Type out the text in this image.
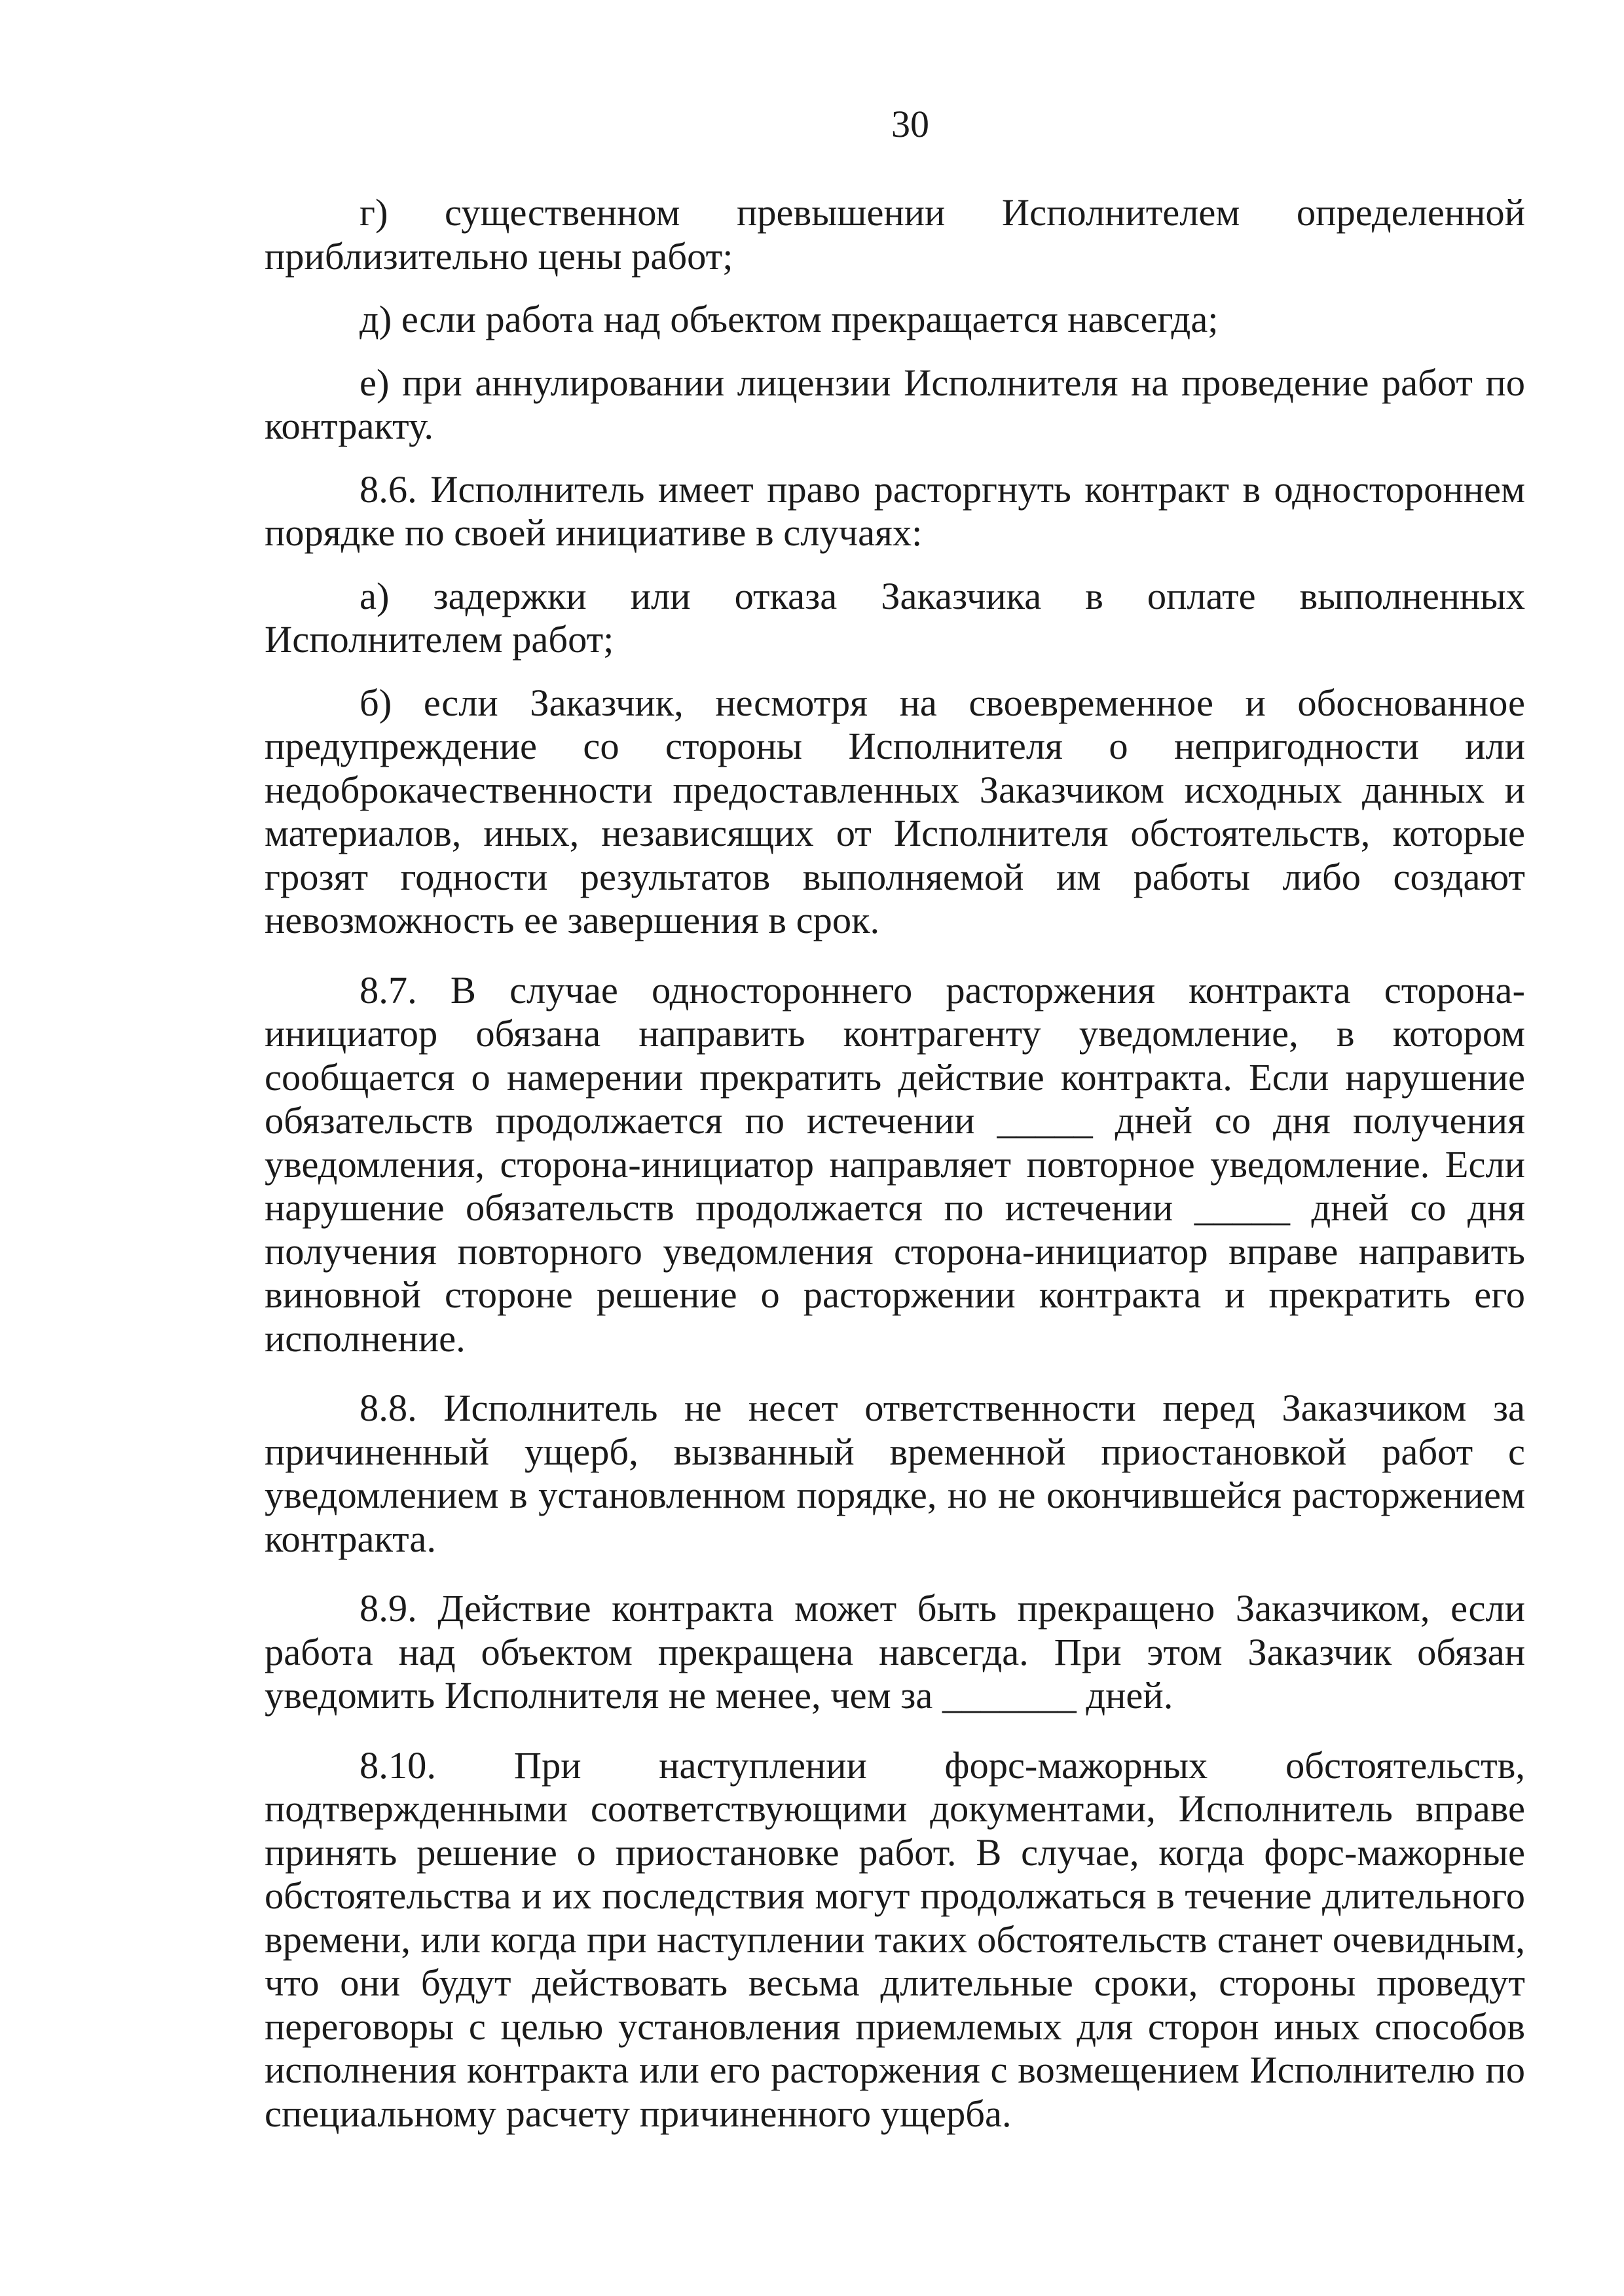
30

г) существенном превышении Исполнителем определенной приблизительно цены работ;

д) если работа над объектом прекращается навсегда;

е) при аннулировании лицензии Исполнителя на проведение работ по контракту.

8.6. Исполнитель имеет право расторгнуть контракт в одностороннем порядке по своей инициативе в случаях:

а) задержки или отказа Заказчика в оплате выполненных Исполнителем работ;

б) если Заказчик, несмотря на своевременное и обоснованное предупреждение со стороны Исполнителя о непригодности или недоброкачественности предоставленных Заказчиком исходных данных и материалов, иных, независящих от Исполнителя обстоятельств, которые грозят годности результатов выполняемой им работы либо создают невозможность ее завершения в срок.

8.7. В случае одностороннего расторжения контракта сторона-инициатор обязана направить контрагенту уведомление, в котором сообщается о намерении прекратить действие контракта. Если нарушение обязательств продолжается по истечении _____ дней со дня получения уведомления, сторона-инициатор направляет повторное уведомление. Если нарушение обязательств продолжается по истечении _____ дней со дня получения повторного уведомления сторона-инициатор вправе направить виновной стороне решение о расторжении контракта и прекратить его исполнение.

8.8. Исполнитель не несет ответственности перед Заказчиком за причиненный ущерб, вызванный временной приостановкой работ с уведомлением в установленном порядке, но не окончившейся расторжением контракта.

8.9. Действие контракта может быть прекращено Заказчиком, если работа над объектом прекращена навсегда. При этом Заказчик обязан уведомить Исполнителя не менее, чем за _______ дней.

8.10. При наступлении форс-мажорных обстоятельств, подтвержденными соответствующими документами, Исполнитель вправе принять решение о приостановке работ. В случае, когда форс-мажорные обстоятельства и их последствия могут продолжаться в течение длительного времени, или когда при наступлении таких обстоятельств станет очевидным, что они будут действовать весьма длительные сроки, стороны проведут переговоры с целью установления приемлемых для сторон иных способов исполнения контракта или его расторжения с возмещением Исполнителю по специальному расчету причиненного ущерба.
